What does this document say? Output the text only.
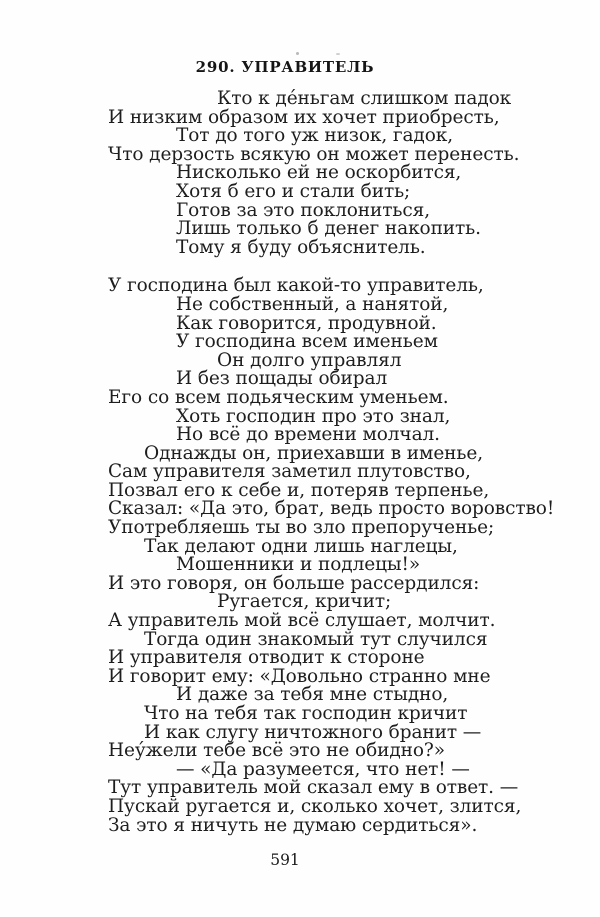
290. УПРАВИТЕЛЬ
Кто к де́ньгам слишком падок
И низким образом их хочет приобресть,
Тот до того уж низок, гадок,
Что дерзость всякую он может перенесть.
Нисколько ей не оскорбится,
Хотя б его и стали бить;
Готов за это поклониться,
Лишь только б денег накопить.
Тому я буду объяснитель.
У господина был какой-то управитель,
Не собственный, а нанятой,
Как говорится, продувной.
У господина всем именьем
Он долго управлял
И без пощады обирал
Его со всем подьяческим уменьем.
Хоть господин про это знал,
Но всё до времени молчал.
Однажды он, приехавши в именье,
Сам управителя заметил плутовство,
Позвал его к себе и, потеряв терпенье,
Сказал: «Да это, брат, ведь просто воровство!
Употребляешь ты во зло препорученье;
Так делают одни лишь наглецы,
Мошенники и подлецы!»
И это говоря, он больше рассердился:
Ругается, кричит;
А управитель мой всё слушает, молчит.
Тогда один знакомый тут случился
И управителя отводит к стороне
И говорит ему: «Довольно странно мне
И даже за тебя мне стыдно,
Что на тебя так господин кричит
И как слугу ничтожного бранит —
Неу́жели тебе всё это не обидно?»
— «Да разумеется, что нет! —
Тут управитель мой сказал ему в ответ. —
Пускай ругается и, сколько хочет, злится,
За это я ничуть не думаю сердиться».
591
